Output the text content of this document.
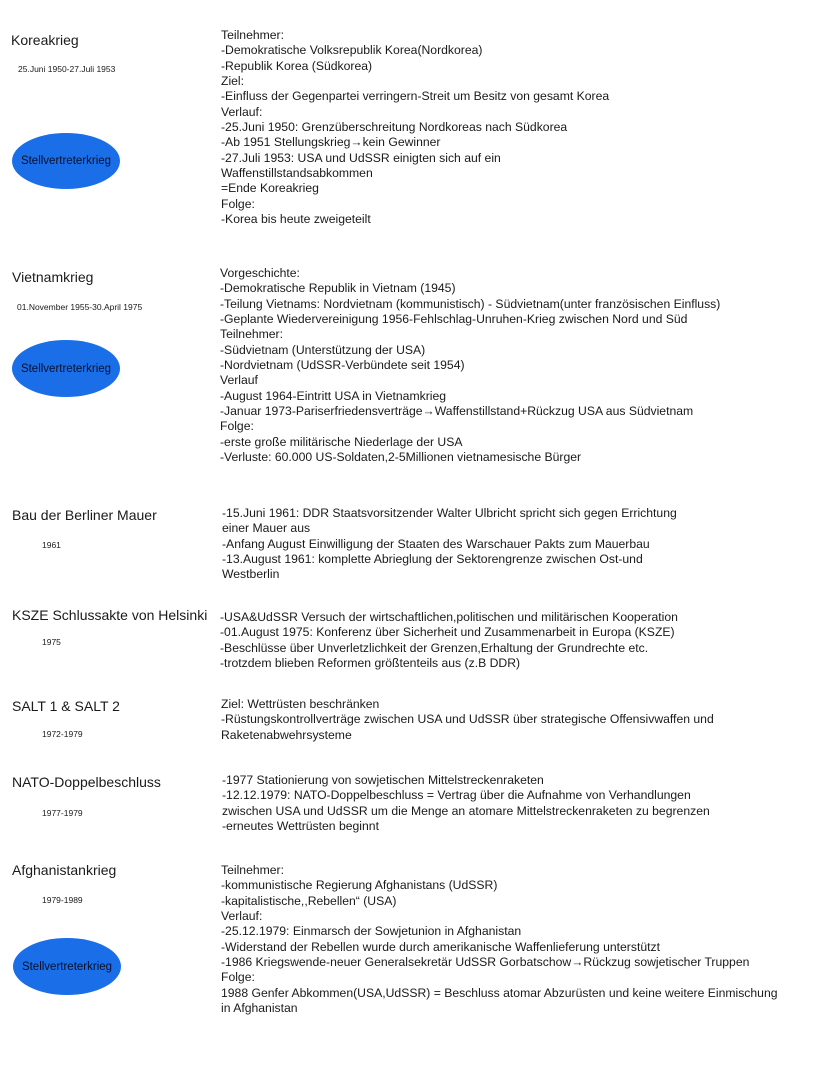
Koreakrieg
25.Juni 1950-27.Juli 1953
Stellvertreterkrieg
Teilnehmer:
-Demokratische Volksrepublik Korea(Nordkorea)
-Republik Korea (Südkorea)
Ziel:
-Einfluss der Gegenpartei verringern-Streit um Besitz von gesamt Korea
Verlauf:
-25.Juni 1950: Grenzüberschreitung Nordkoreas nach Südkorea
-Ab 1951 Stellungskrieg→kein Gewinner
-27.Juli 1953: USA und UdSSR einigten sich auf ein
Waffenstillstandsabkommen
=Ende Koreakrieg
Folge:
-Korea bis heute zweigeteilt
Vietnamkrieg
01.November 1955-30.April 1975
Stellvertreterkrieg
Vorgeschichte:
-Demokratische Republik in Vietnam (1945)
-Teilung Vietnams: Nordvietnam (kommunistisch) - Südvietnam(unter französischen Einfluss)
-Geplante Wiedervereinigung 1956-Fehlschlag-Unruhen-Krieg zwischen Nord und Süd
Teilnehmer:
-Südvietnam (Unterstützung der USA)
-Nordvietnam (UdSSR-Verbündete seit 1954)
Verlauf
-August 1964-Eintritt USA in Vietnamkrieg
-Januar 1973-Pariserfriedensverträge→Waffenstillstand+Rückzug USA aus Südvietnam
Folge:
-erste große militärische Niederlage der USA
-Verluste: 60.000 US-Soldaten,2-5Millionen vietnamesische Bürger
Bau der Berliner Mauer
1961
-15.Juni 1961: DDR Staatsvorsitzender Walter Ulbricht spricht sich gegen Errichtung
einer Mauer aus
-Anfang August Einwilligung der Staaten des Warschauer Pakts zum Mauerbau
-13.August 1961: komplette Abrieglung der Sektorengrenze zwischen Ost-und
Westberlin
KSZE Schlussakte von Helsinki
1975
-USA&UdSSR Versuch der wirtschaftlichen,politischen und militärischen Kooperation
-01.August 1975: Konferenz über Sicherheit und Zusammenarbeit in Europa (KSZE)
-Beschlüsse über Unverletzlichkeit der Grenzen,Erhaltung der Grundrechte etc.
-trotzdem blieben Reformen größtenteils aus (z.B DDR)
SALT 1 & SALT 2
1972-1979
Ziel: Wettrüsten beschränken
-Rüstungskontrollverträge zwischen USA und UdSSR über strategische Offensivwaffen und
Raketenabwehrsysteme
NATO-Doppelbeschluss
1977-1979
-1977 Stationierung von sowjetischen Mittelstreckenraketen
-12.12.1979: NATO-Doppelbeschluss = Vertrag über die Aufnahme von Verhandlungen
zwischen USA und UdSSR um die Menge an atomare Mittelstreckenraketen zu begrenzen
-erneutes Wettrüsten beginnt
Afghanistankrieg
1979-1989
Stellvertreterkrieg
Teilnehmer:
-kommunistische Regierung Afghanistans (UdSSR)
-kapitalistische,,Rebellen“ (USA)
Verlauf:
-25.12.1979: Einmarsch der Sowjetunion in Afghanistan
-Widerstand der Rebellen wurde durch amerikanische Waffenlieferung unterstützt
-1986 Kriegswende-neuer Generalsekretär UdSSR Gorbatschow→Rückzug sowjetischer Truppen
Folge:
1988 Genfer Abkommen(USA,UdSSR) = Beschluss atomar Abzurüsten und keine weitere Einmischung
in Afghanistan
